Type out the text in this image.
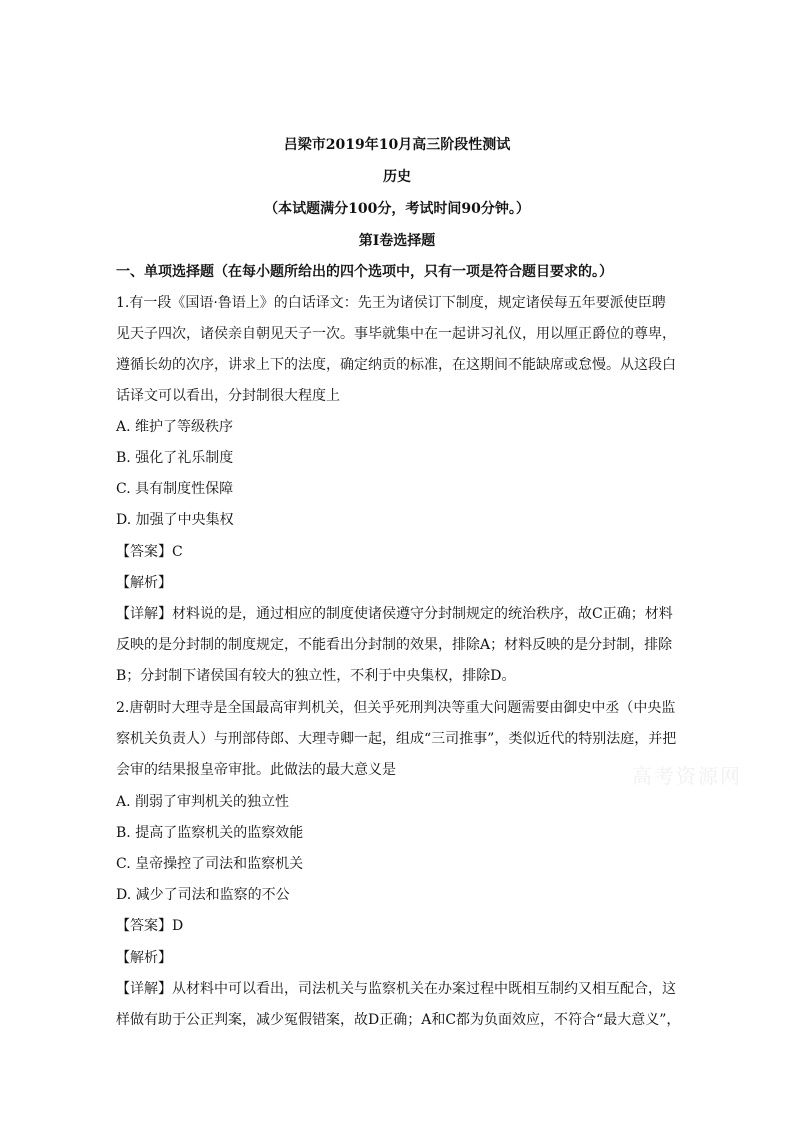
吕梁市2019年10月高三阶段性测试
历史
（本试题满分100分，考试时间90分钟。）
第Ⅰ卷选择题
一、单项选择题（在每小题所给出的四个选项中，只有一项是符合题目要求的。）
1.有一段《国语·鲁语上》的白话译文：先王为诸侯订下制度，规定诸侯每五年要派使臣聘
见天子四次，诸侯亲自朝见天子一次。事毕就集中在一起讲习礼仪，用以厘正爵位的尊卑，
遵循长幼的次序，讲求上下的法度，确定纳贡的标准，在这期间不能缺席或怠慢。从这段白
话译文可以看出，分封制很大程度上
A. 维护了等级秩序
B. 强化了礼乐制度
C. 具有制度性保障
D. 加强了中央集权
【答案】C
【解析】
【详解】材料说的是，通过相应的制度使诸侯遵守分封制规定的统治秩序，故C正确；材料
反映的是分封制的制度规定，不能看出分封制的效果，排除A；材料反映的是分封制，排除
B；分封制下诸侯国有较大的独立性，不利于中央集权，排除D。
2.唐朝时大理寺是全国最高审判机关，但关乎死刑判决等重大问题需要由御史中丞（中央监
察机关负责人）与刑部侍郎、大理寺卿一起，组成“三司推事”，类似近代的特别法庭，并把
会审的结果报皇帝审批。此做法的最大意义是
A. 削弱了审判机关的独立性
B. 提高了监察机关的监察效能
C. 皇帝操控了司法和监察机关
D. 减少了司法和监察的不公
【答案】D
【解析】
【详解】从材料中可以看出，司法机关与监察机关在办案过程中既相互制约又相互配合，这
样做有助于公正判案，减少冤假错案，故D正确；A和C都为负面效应，不符合“最大意义”，
高考资源网
